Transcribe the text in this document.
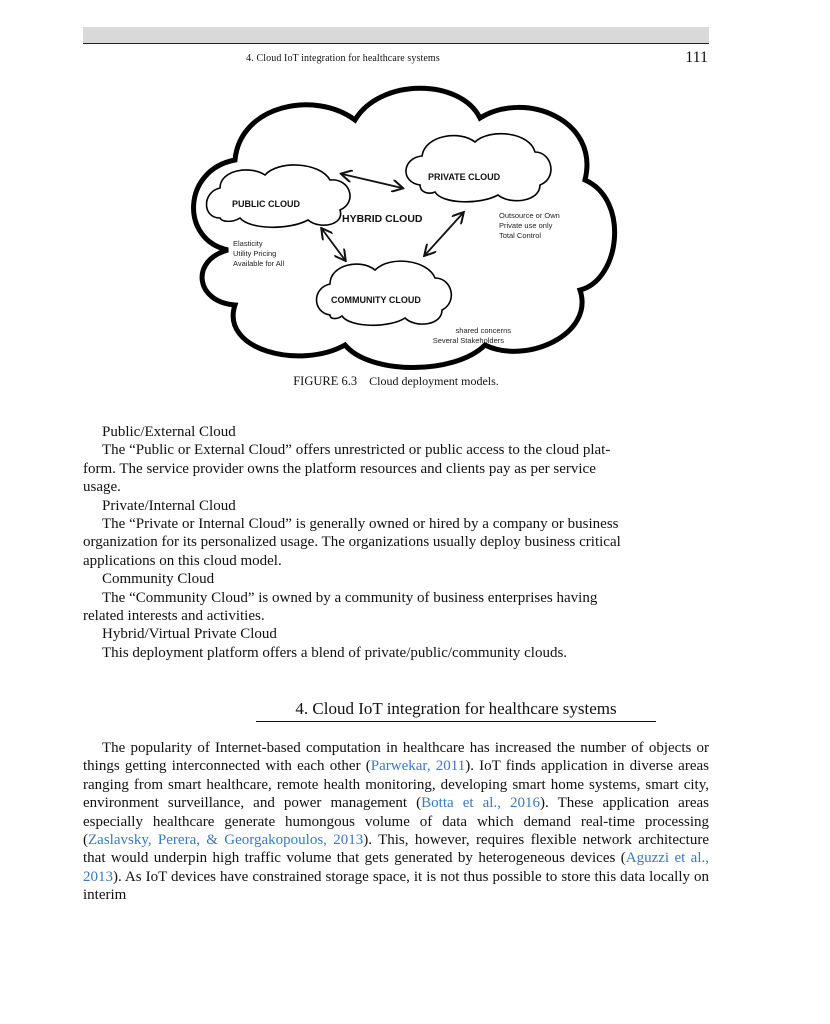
4. Cloud IoT integration for healthcare systems	111
PUBLIC CLOUD
PRIVATE CLOUD
HYBRID CLOUD
COMMUNITY CLOUD
Elasticity
Utility Pricing
Available for All
Outsource or Own
Private use only
Total Control
shared concerns
Several Stakeholders
FIGURE 6.3 Cloud deployment models.

Public/External Cloud

The “Public or External Cloud” offers unrestricted or public access to the cloud plat-

form. The service provider owns the platform resources and clients pay as per service

usage.

Private/Internal Cloud

The “Private or Internal Cloud” is generally owned or hired by a company or business

organization for its personalized usage. The organizations usually deploy business critical

applications on this cloud model.

Community Cloud

The “Community Cloud” is owned by a community of business enterprises having

related interests and activities.

Hybrid/Virtual Private Cloud

This deployment platform offers a blend of private/public/community clouds.

4. Cloud IoT integration for healthcare systems

The popularity of Internet-based computation in healthcare has increased the number of objects or things getting interconnected with each other (Parwekar, 2011). IoT finds application in diverse areas ranging from smart healthcare, remote health monitoring, developing smart home systems, smart city, environment surveillance, and power management (Botta et al., 2016). These application areas especially healthcare generate humongous volume of data which demand real-time processing (Zaslavsky, Perera, & Georgakopoulos, 2013). This, however, requires flexible network architecture that would underpin high traffic volume that gets generated by heterogeneous devices (Aguzzi et al., 2013). As IoT devices have constrained storage space, it is not thus possible to store this data locally on interim
